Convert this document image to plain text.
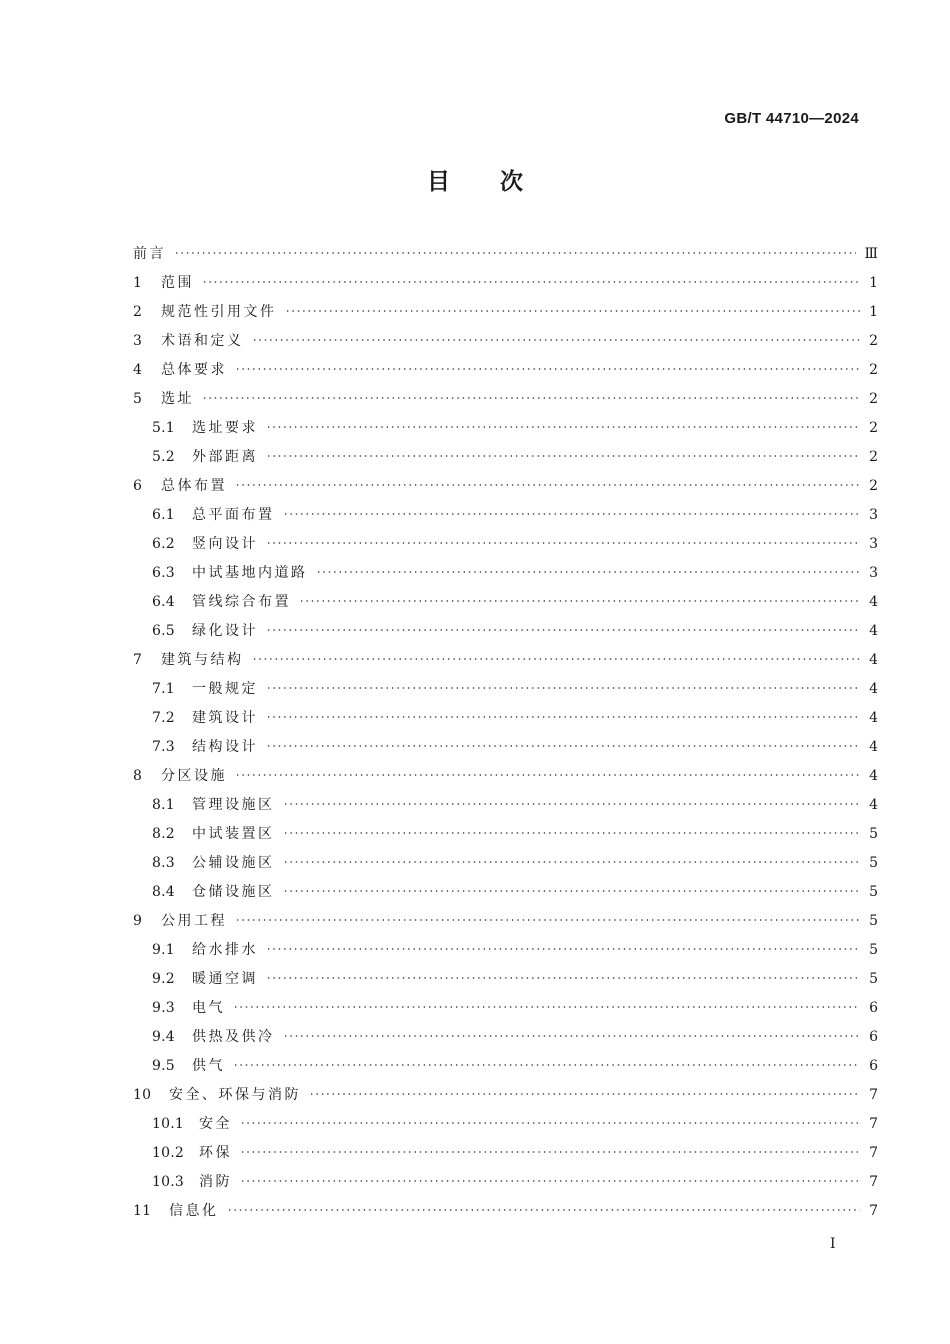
GB/T 44710—2024
目次
前言	Ⅲ
1	范围	1
2	规范性引用文件	1
3	术语和定义	2
4	总体要求	2
5	选址	2
5.1	选址要求	2
5.2	外部距离	2
6	总体布置	2
6.1	总平面布置	3
6.2	竖向设计	3
6.3	中试基地内道路	3
6.4	管线综合布置	4
6.5	绿化设计	4
7	建筑与结构	4
7.1	一般规定	4
7.2	建筑设计	4
7.3	结构设计	4
8	分区设施	4
8.1	管理设施区	4
8.2	中试装置区	5
8.3	公辅设施区	5
8.4	仓储设施区	5
9	公用工程	5
9.1	给水排水	5
9.2	暖通空调	5
9.3	电气	6
9.4	供热及供冷	6
9.5	供气	6
10	安全、环保与消防	7
10.1	安全	7
10.2	环保	7
10.3	消防	7
11	信息化	7
Ⅰ
